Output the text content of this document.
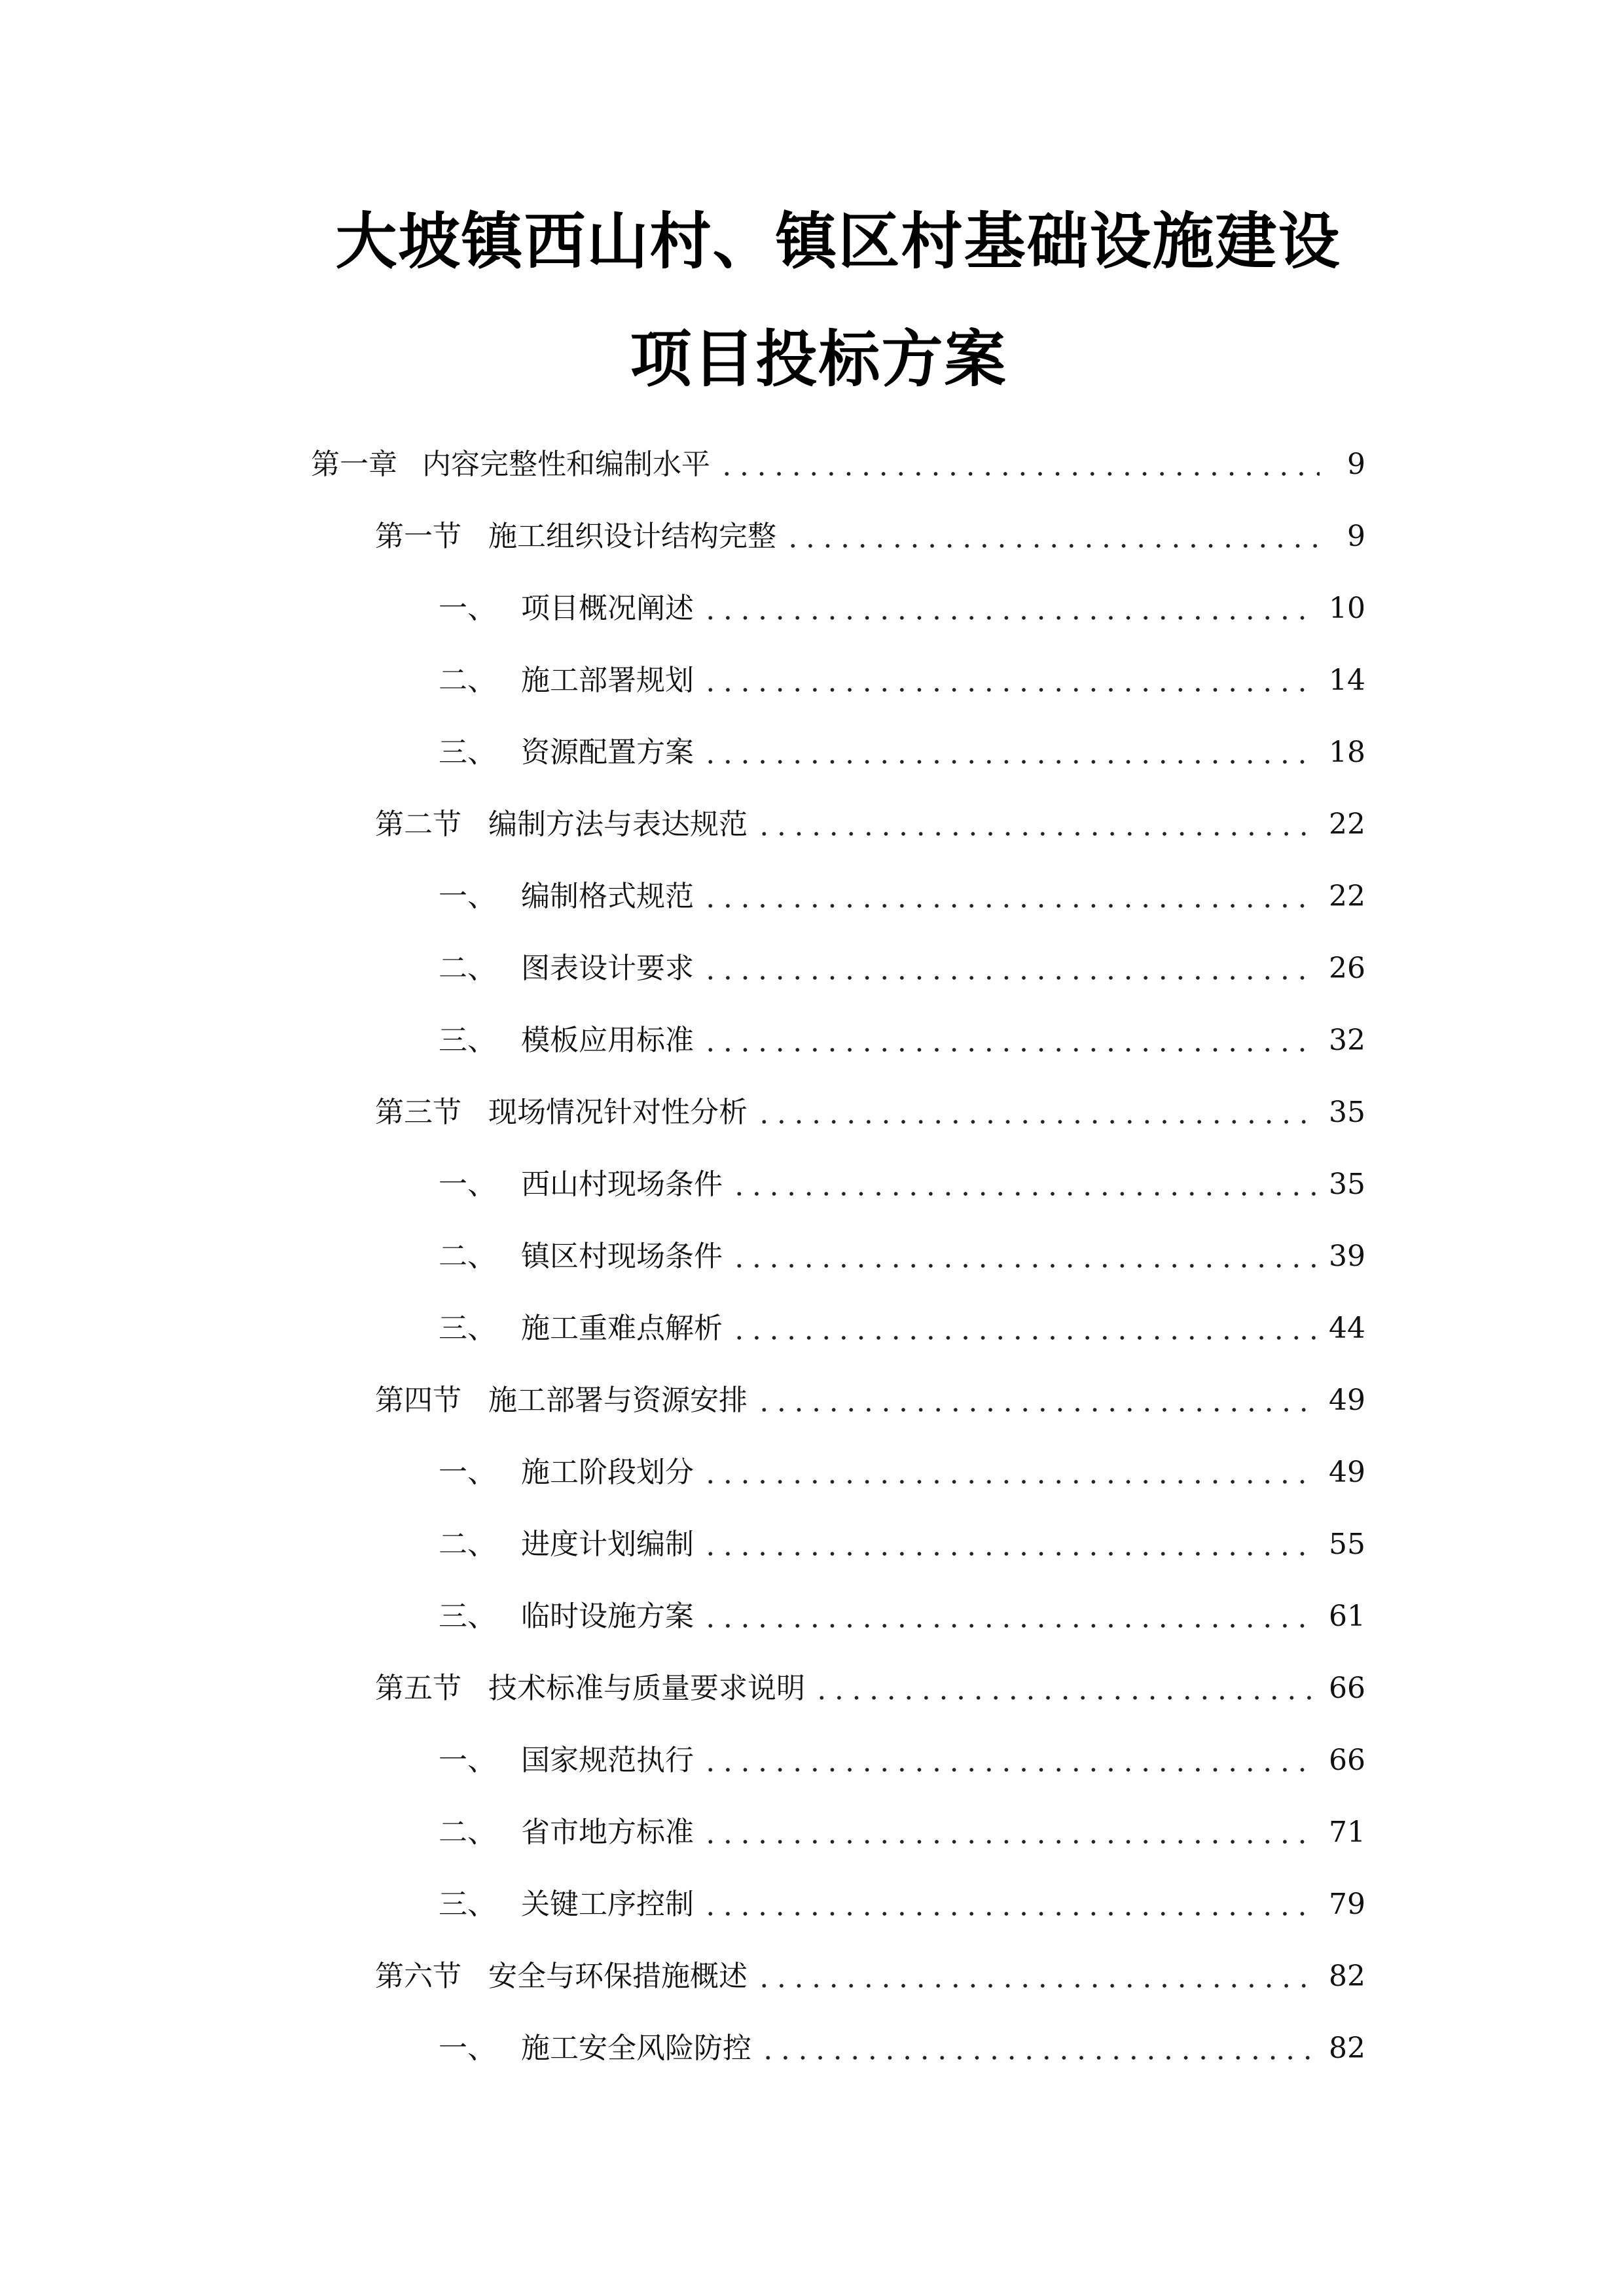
大坡镇西山村、镇区村基础设施建设
项目投标方案
第一章 内容完整性和编制水平	9
第一节 施工组织设计结构完整	9
一、 项目概况阐述	10
二、 施工部署规划	14
三、 资源配置方案	18
第二节 编制方法与表达规范	22
一、 编制格式规范	22
二、 图表设计要求	26
三、 模板应用标准	32
第三节 现场情况针对性分析	35
一、 西山村现场条件	35
二、 镇区村现场条件	39
三、 施工重难点解析	44
第四节 施工部署与资源安排	49
一、 施工阶段划分	49
二、 进度计划编制	55
三、 临时设施方案	61
第五节 技术标准与质量要求说明	66
一、 国家规范执行	66
二、 省市地方标准	71
三、 关键工序控制	79
第六节 安全与环保措施概述	82
一、 施工安全风险防控	82
